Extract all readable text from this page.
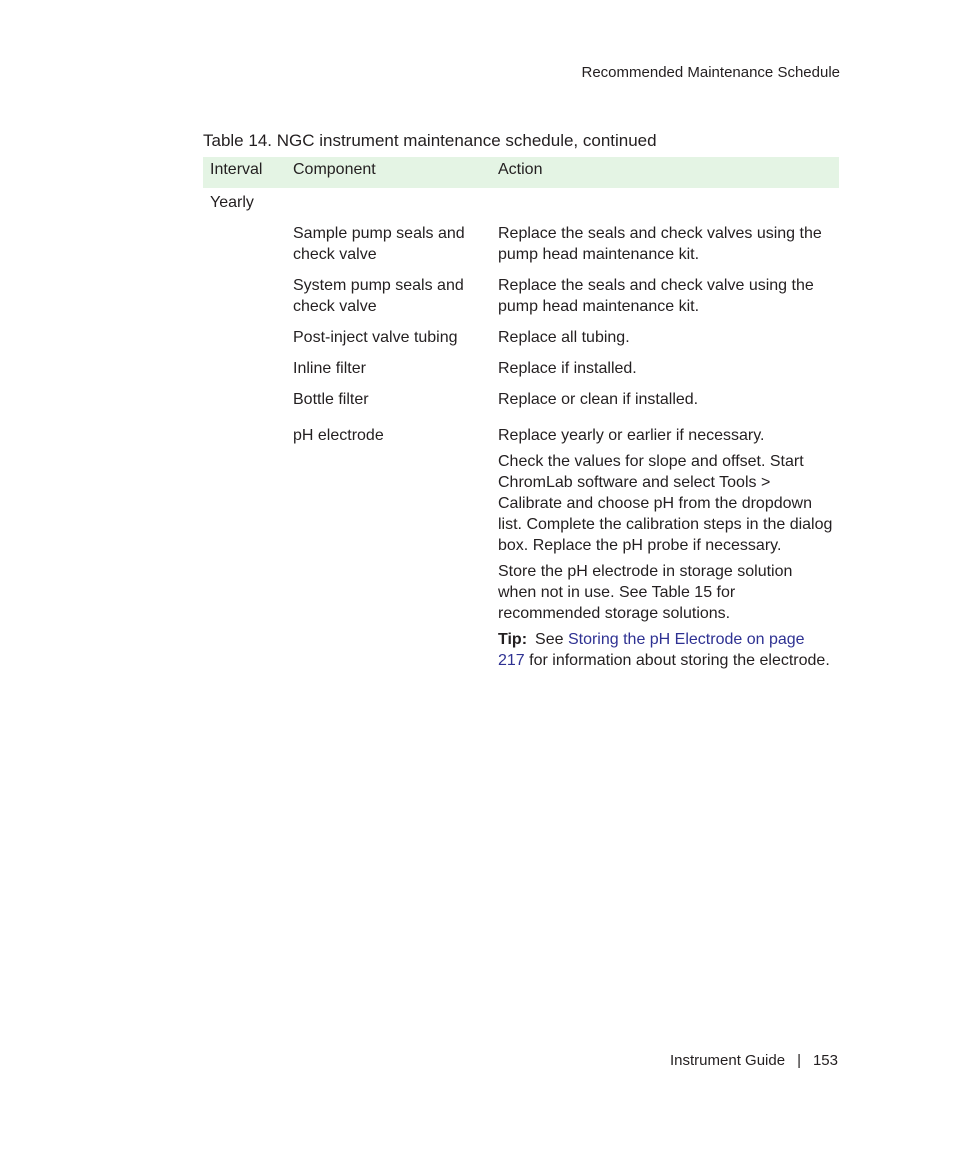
Recommended Maintenance Schedule
Table 14. NGC instrument maintenance schedule, continued
Interval	Component	Action
Yearly		
	Sample pump seals and check valve	Replace the seals and check valves using the pump head maintenance kit.
	System pump seals and check valve	Replace the seals and check valve using the pump head maintenance kit.
	Post-inject valve tubing	Replace all tubing.
	Inline filter	Replace if installed.
	Bottle filter	Replace or clean if installed.
	pH electrode	Replace yearly or earlier if necessary.

Check the values for slope and offset. Start ChromLab software and select Tools > Calibrate and choose pH from the dropdown list. Complete the calibration steps in the dialog box. Replace the pH probe if necessary.

Store the pH electrode in storage solution when not in use. See Table 15 for recommended storage solutions.

Tip: See Storing the pH Electrode on page 217 for information about storing the electrode.

Instrument Guide | 153
